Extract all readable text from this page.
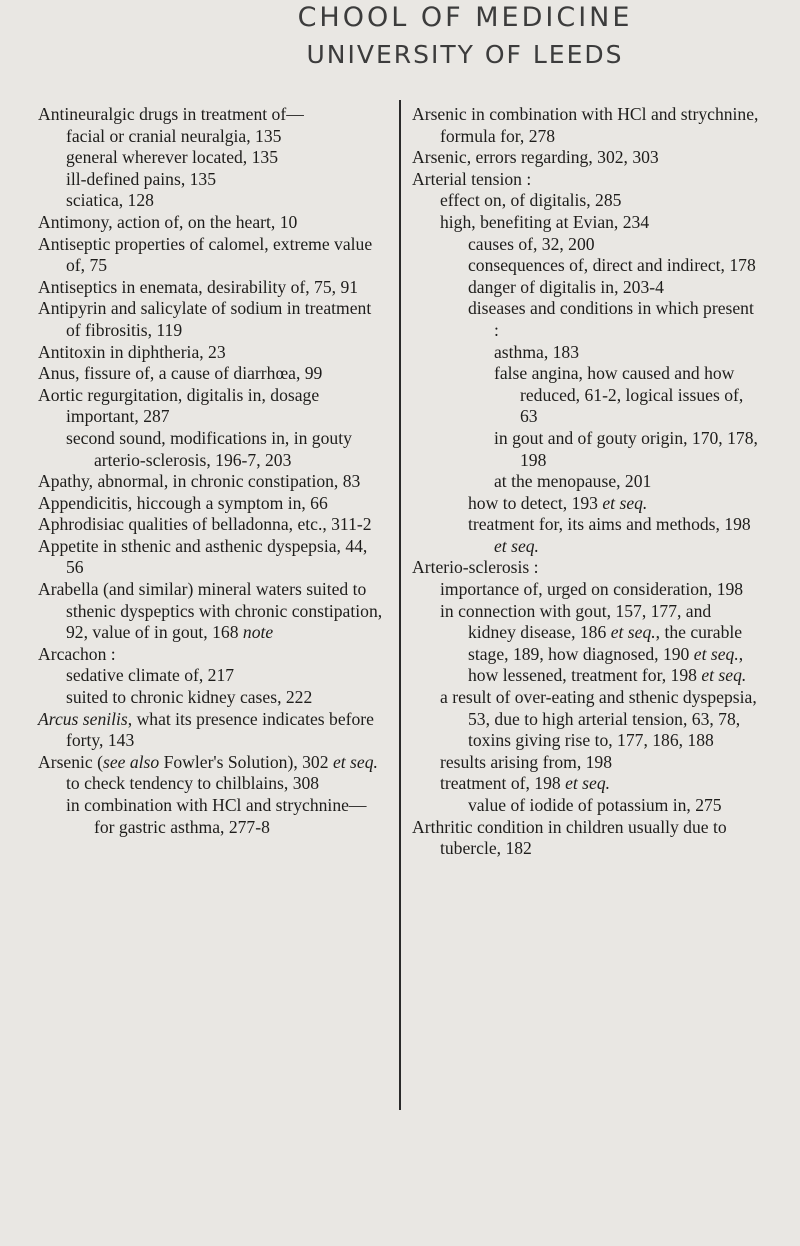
CHOOL OF MEDICINE
UNIVERSITY OF LEEDS

Antineuralgic drugs in treatment of—

facial or cranial neuralgia, 135

general wherever located, 135

ill-defined pains, 135

sciatica, 128

Antimony, action of, on the heart, 10

Antiseptic properties of calomel, extreme value of, 75

Antiseptics in enemata, desirability of, 75, 91

Antipyrin and salicylate of sodium in treatment of fibrositis, 119

Antitoxin in diphtheria, 23

Anus, fissure of, a cause of diarrhœa, 99

Aortic regurgitation, digitalis in, dosage important, 287

second sound, modifications in, in gouty arterio-sclerosis, 196-7, 203

Apathy, abnormal, in chronic constipation, 83

Appendicitis, hiccough a symptom in, 66

Aphrodisiac qualities of belladonna, etc., 311-2

Appetite in sthenic and asthenic dyspepsia, 44, 56

Arabella (and similar) mineral waters suited to sthenic dyspeptics with chronic constipation, 92, value of in gout, 168 note

Arcachon :

sedative climate of, 217

suited to chronic kidney cases, 222

Arcus senilis, what its presence indicates before forty, 143

Arsenic (see also Fowler's Solution), 302 et seq.

to check tendency to chilblains, 308

in combination with HCl and strychnine—

for gastric asthma, 277-8

Arsenic in combination with HCl and strychnine, formula for, 278

Arsenic, errors regarding, 302, 303

Arterial tension :

effect on, of digitalis, 285

high, benefiting at Evian, 234

causes of, 32, 200

consequences of, direct and indirect, 178

danger of digitalis in, 203-4

diseases and conditions in which present :

asthma, 183

false angina, how caused and how reduced, 61-2, logical issues of, 63

in gout and of gouty origin, 170, 178, 198

at the menopause, 201

how to detect, 193 et seq.

treatment for, its aims and methods, 198 et seq.

Arterio-sclerosis :

importance of, urged on consideration, 198

in connection with gout, 157, 177, and kidney disease, 186 et seq., the curable stage, 189, how diagnosed, 190 et seq., how lessened, treatment for, 198 et seq.

a result of over-eating and sthenic dyspepsia, 53, due to high arterial tension, 63, 78, toxins giving rise to, 177, 186, 188

results arising from, 198

treatment of, 198 et seq.

value of iodide of potassium in, 275

Arthritic condition in children usually due to tubercle, 182
